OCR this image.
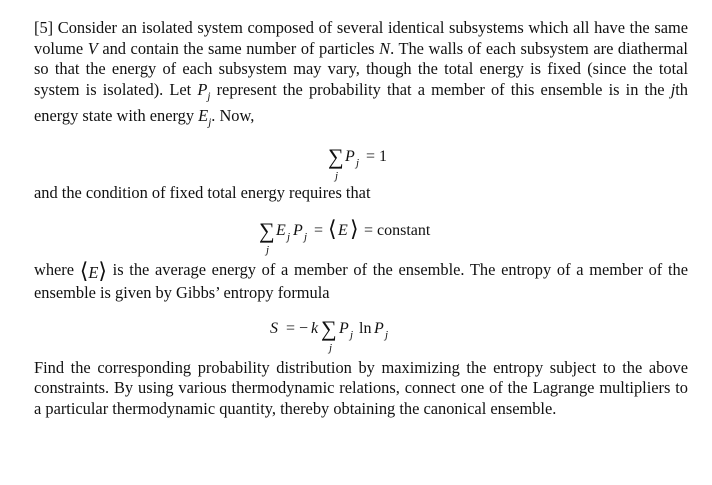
[5] Consider an isolated system composed of several identical subsystems which all have the same volume V and contain the same number of particles N. The walls of each subsystem are diathermal so that the energy of each subsystem may vary, though the total energy is fixed (since the total system is isolated). Let $P_j$ represent the probability that a member of this ensemble is in the jth energy state with energy $E_j$. Now,

∑ P j = 1
j

and the condition of fixed total energy requires that

∑ E j P j = ⟨ E ⟩ = constant
j

where ⟨E⟩ is the average energy of a member of the ensemble. The entropy of a member of the ensemble is given by Gibbs’ entropy formula

S = − k ∑ P j ln P j
j

Find the corresponding probability distribution by maximizing the entropy subject to the above constraints. By using various thermodynamic relations, connect one of the Lagrange multipliers to a particular thermodynamic quantity, thereby obtaining the canonical ensemble.
